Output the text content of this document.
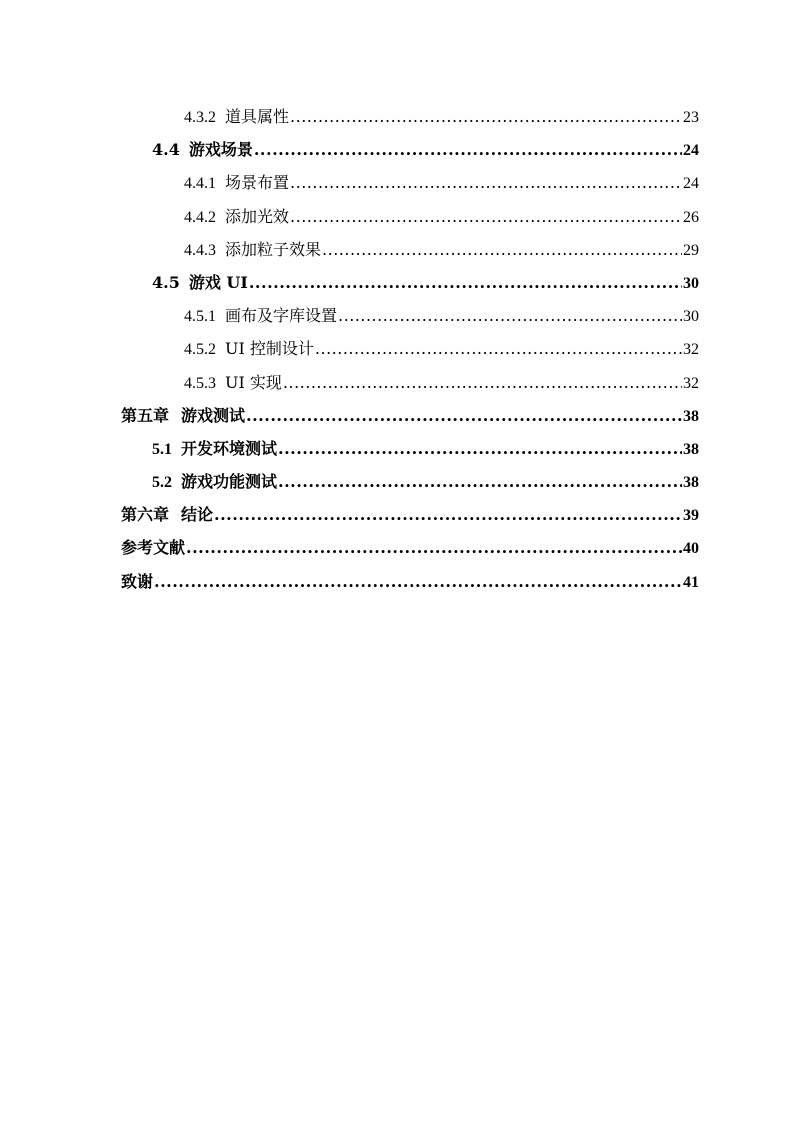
4.3.2 道具属性 .....	23
4.4 游戏场景 .....	24
4.4.1 场景布置 .....	24
4.4.2 添加光效 .....	26
4.4.3 添加粒子效果 .....	29
4.5 游戏 UI .....	30
4.5.1 画布及字库设置 .....	30
4.5.2 UI 控制设计 .....	32
4.5.3 UI 实现 .....	32
第五章 游戏测试 .....	38
5.1 开发环境测试 .....	38
5.2 游戏功能测试 .....	38
第六章 结论 .....	39
参考文献 .....	40
致谢 .....	41
